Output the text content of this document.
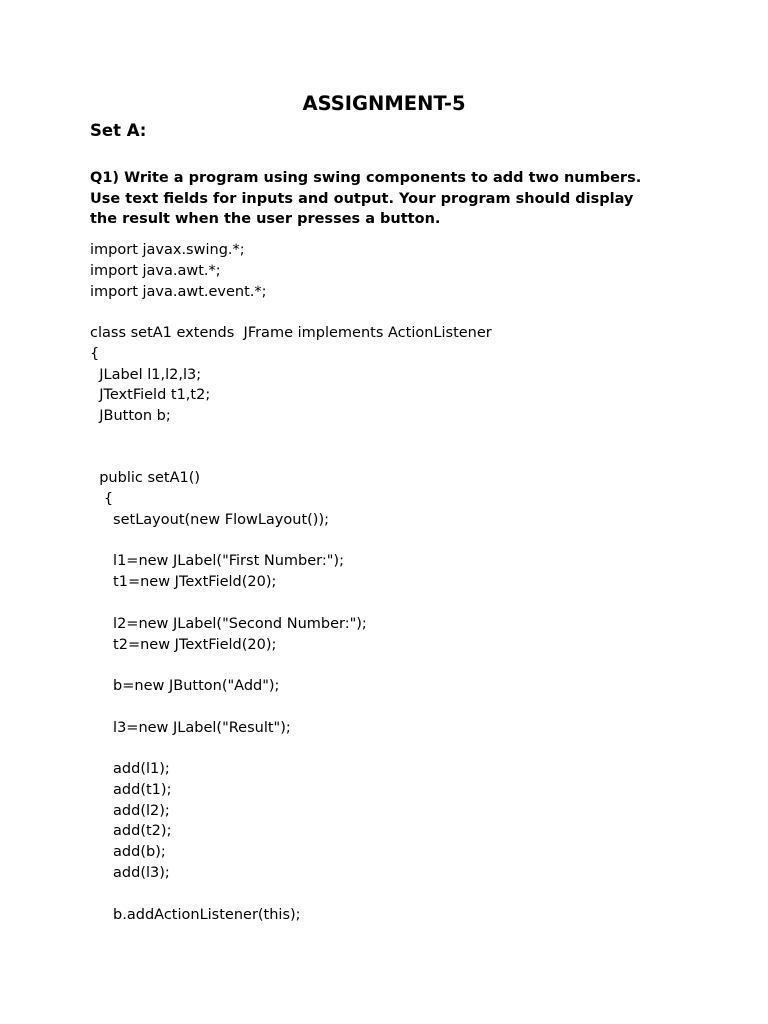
ASSIGNMENT-5
Set A:
Q1) Write a program using swing components to add two numbers.
Use text fields for inputs and output. Your program should display
the result when the user presses a button.
import javax.swing.*;
import java.awt.*;
import java.awt.event.*;
class setA1 extends  JFrame implements ActionListener
{
JLabel l1,l2,l3;
JTextField t1,t2;
JButton b;
public setA1()
{
setLayout(new FlowLayout());
l1=new JLabel("First Number:");
t1=new JTextField(20);
l2=new JLabel("Second Number:");
t2=new JTextField(20);
b=new JButton("Add");
l3=new JLabel("Result");
add(l1);
add(t1);
add(l2);
add(t2);
add(b);
add(l3);
b.addActionListener(this);
